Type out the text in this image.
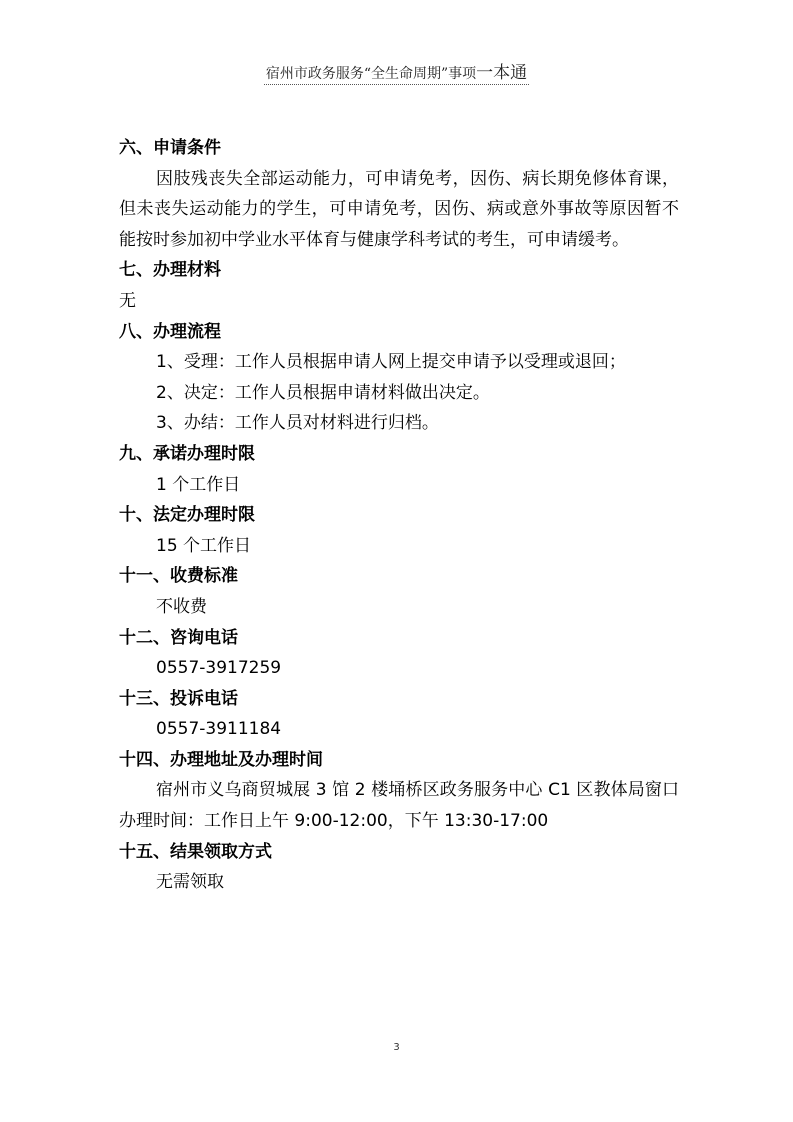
宿州市政务服务“全生命周期”事项一本通
六、申请条件
因肢残丧失全部运动能力，可申请免考，因伤、病长期免修体育课，但未丧失运动能力的学生，可申请免考，因伤、病或意外事故等原因暂不能按时参加初中学业水平体育与健康学科考试的考生，可申请缓考。
七、办理材料
无
八、办理流程
1、受理：工作人员根据申请人网上提交申请予以受理或退回；
2、决定：工作人员根据申请材料做出决定。
3、办结：工作人员对材料进行归档。
九、承诺办理时限
1 个工作日
十、法定办理时限
15 个工作日
十一、收费标准
不收费
十二、咨询电话
0557-3917259
十三、投诉电话
0557-3911184
十四、办理地址及办理时间
宿州市义乌商贸城展 3 馆 2 楼埇桥区政务服务中心 C1 区教体局窗口办理时间：工作日上午 9:00-12:00，下午 13:30-17:00
十五、结果领取方式
无需领取
3
